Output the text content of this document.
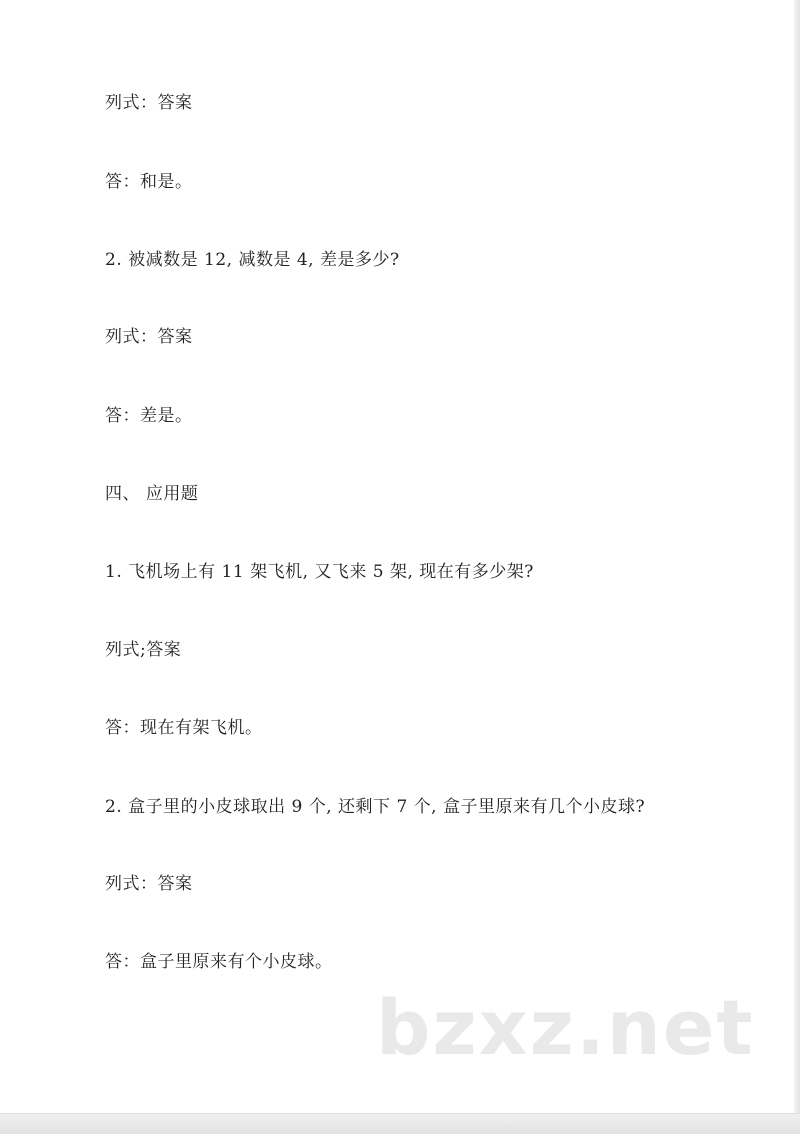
列式：答案
答：和是。
2. 被减数是 12, 减数是 4, 差是多少?
列式：答案
答：差是。
四、 应用题
1. 飞机场上有 11 架飞机, 又飞来 5 架, 现在有多少架?
列式;答案
答：现在有架飞机。
2. 盒子里的小皮球取出 9 个, 还剩下 7 个, 盒子里原来有几个小皮球?
列式：答案
答：盒子里原来有个小皮球。
bzxz.net
